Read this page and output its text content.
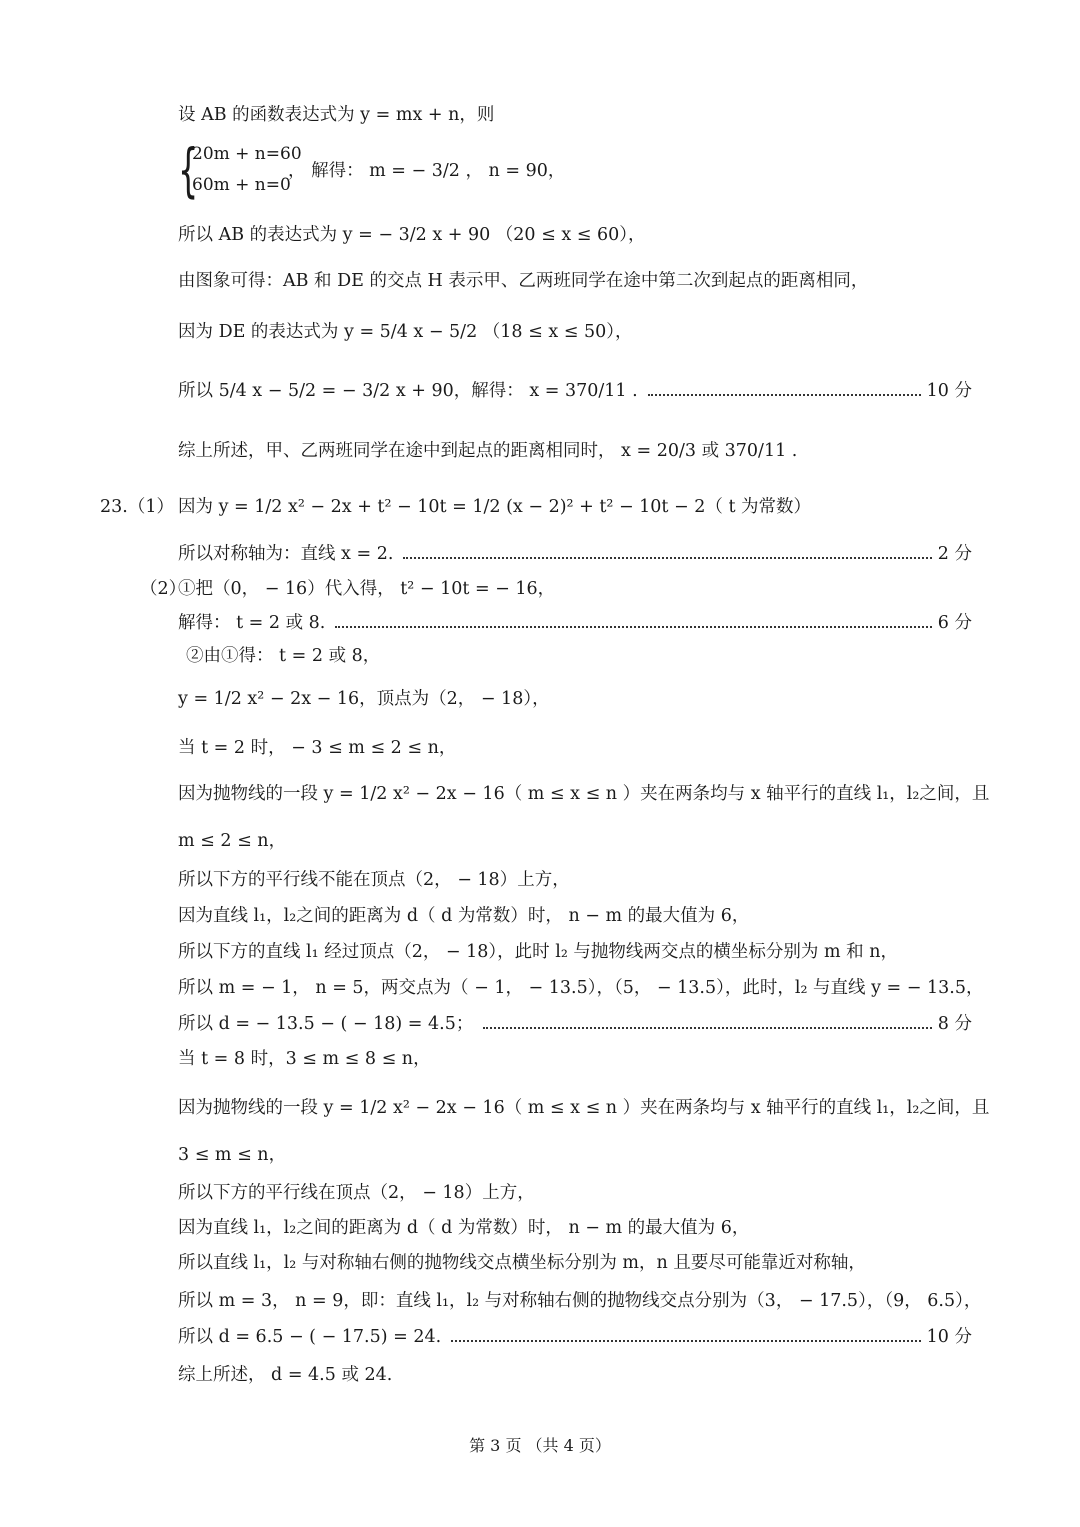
设 AB 的函数表达式为 y = mx + n，则
{
20m + n=60
60m + n=0
， 解得： m = − 3/2 ， n = 90，
所以 AB 的表达式为 y = − 3/2 x + 90 （20 ≤ x ≤ 60），
由图象可得：AB 和 DE 的交点 H 表示甲、乙两班同学在途中第二次到起点的距离相同，
因为 DE 的表达式为 y = 5/4 x − 5/2 （18 ≤ x ≤ 50），
所以 5/4 x − 5/2 = − 3/2 x + 90，解得： x = 370/11 .	10 分
综上所述，甲、乙两班同学在途中到起点的距离相同时， x = 20/3 或 370/11 .
23.（1） 因为 y = 1/2 x² − 2x + t² − 10t = 1/2 (x − 2)² + t² − 10t − 2（ t 为常数）
所以对称轴为：直线 x = 2.	2 分
（2）
①把（0， − 16）代入得， t² − 10t = − 16，
解得： t = 2 或 8.	6 分
②由①得： t = 2 或 8，
y = 1/2 x² − 2x − 16，顶点为（2， − 18），
当 t = 2 时， − 3 ≤ m ≤ 2 ≤ n，
因为抛物线的一段 y = 1/2 x² − 2x − 16（ m ≤ x ≤ n ）夹在两条均与 x 轴平行的直线 l₁，l₂之间，且
m ≤ 2 ≤ n，
所以下方的平行线不能在顶点（2， − 18）上方，
因为直线 l₁，l₂之间的距离为 d（ d 为常数）时， n − m 的最大值为 6，
所以下方的直线 l₁ 经过顶点（2， − 18），此时 l₂ 与抛物线两交点的横坐标分别为 m 和 n，
所以 m = − 1， n = 5，两交点为（ − 1， − 13.5），（5， − 13.5），此时，l₂ 与直线 y = − 13.5，
所以 d = − 13.5 − ( − 18) = 4.5；	8 分
当 t = 8 时，3 ≤ m ≤ 8 ≤ n，
因为抛物线的一段 y = 1/2 x² − 2x − 16（ m ≤ x ≤ n ）夹在两条均与 x 轴平行的直线 l₁，l₂之间，且
3 ≤ m ≤ n，
所以下方的平行线在顶点（2， − 18）上方，
因为直线 l₁，l₂之间的距离为 d（ d 为常数）时， n − m 的最大值为 6，
所以直线 l₁，l₂ 与对称轴右侧的抛物线交点横坐标分别为 m，n 且要尽可能靠近对称轴，
所以 m = 3， n = 9，即：直线 l₁，l₂ 与对称轴右侧的抛物线交点分别为（3， − 17.5），（9， 6.5），
所以 d = 6.5 − ( − 17.5) = 24.	10 分
综上所述， d = 4.5 或 24.
第 3 页 （共 4 页）
